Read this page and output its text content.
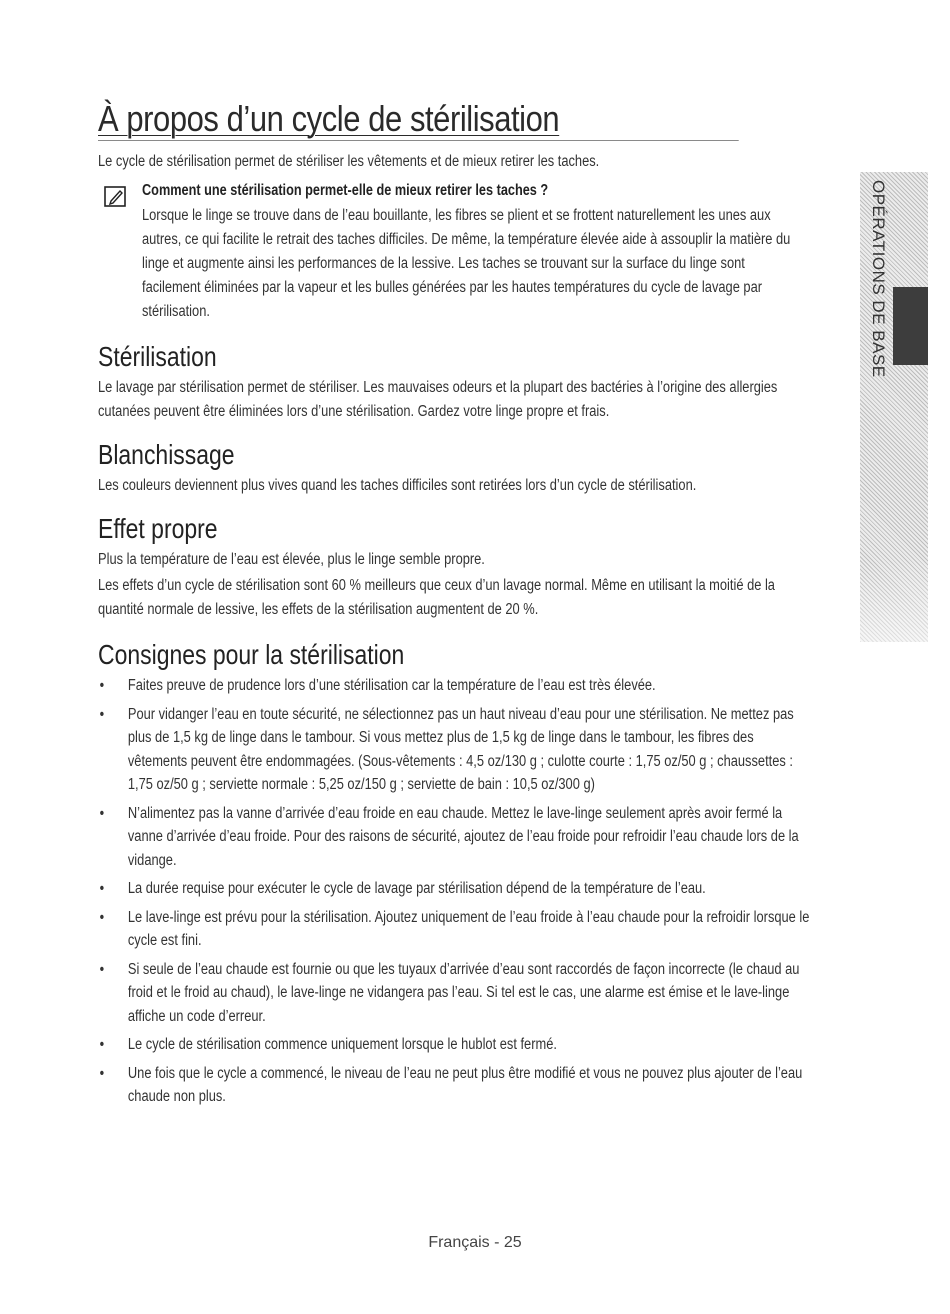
À propos d’un cycle de stérilisation
Le cycle de stérilisation permet de stériliser les vêtements et de mieux retirer les taches.
Comment une stérilisation permet-elle de mieux retirer les taches ?
Lorsque le linge se trouve dans de l’eau bouillante, les fibres se plient et se frottent naturellement les unes aux autres, ce qui facilite le retrait des taches difficiles. De même, la température élevée aide à assouplir la matière du linge et augmente ainsi les performances de la lessive. Les taches se trouvant sur la surface du linge sont facilement éliminées par la vapeur et les bulles générées par les hautes températures du cycle de lavage par stérilisation.
Stérilisation
Le lavage par stérilisation permet de stériliser. Les mauvaises odeurs et la plupart des bactéries à l’origine des allergies cutanées peuvent être éliminées lors d’une stérilisation. Gardez votre linge propre et frais.
Blanchissage
Les couleurs deviennent plus vives quand les taches difficiles sont retirées lors d’un cycle de stérilisation.
Effet propre
Plus la température de l’eau est élevée, plus le linge semble propre.
Les effets d’un cycle de stérilisation sont 60 % meilleurs que ceux d’un lavage normal. Même en utilisant la moitié de la quantité normale de lessive, les effets de la stérilisation augmentent de 20 %.
Consignes pour la stérilisation
• Faites preuve de prudence lors d’une stérilisation car la température de l’eau est très élevée.
• Pour vidanger l’eau en toute sécurité, ne sélectionnez pas un haut niveau d’eau pour une stérilisation. Ne mettez pas plus de 1,5 kg de linge dans le tambour. Si vous mettez plus de 1,5 kg de linge dans le tambour, les fibres des vêtements peuvent être endommagées. (Sous-vêtements : 4,5 oz/130 g ; culotte courte : 1,75 oz/50 g ; chaussettes : 1,75 oz/50 g ; serviette normale : 5,25 oz/150 g ; serviette de bain : 10,5 oz/300 g)
• N’alimentez pas la vanne d’arrivée d’eau froide en eau chaude. Mettez le lave-linge seulement après avoir fermé la vanne d’arrivée d’eau froide. Pour des raisons de sécurité, ajoutez de l’eau froide pour refroidir l’eau chaude lors de la vidange.
• La durée requise pour exécuter le cycle de lavage par stérilisation dépend de la température de l’eau.
• Le lave-linge est prévu pour la stérilisation. Ajoutez uniquement de l’eau froide à l’eau chaude pour la refroidir lorsque le cycle est fini.
• Si seule de l’eau chaude est fournie ou que les tuyaux d’arrivée d’eau sont raccordés de façon incorrecte (le chaud au froid et le froid au chaud), le lave-linge ne vidangera pas l’eau. Si tel est le cas, une alarme est émise et le lave-linge affiche un code d’erreur.
• Le cycle de stérilisation commence uniquement lorsque le hublot est fermé.
• Une fois que le cycle a commencé, le niveau de l’eau ne peut plus être modifié et vous ne pouvez plus ajouter de l’eau chaude non plus.
OPÉRATIONS DE BASE
Français - 25
